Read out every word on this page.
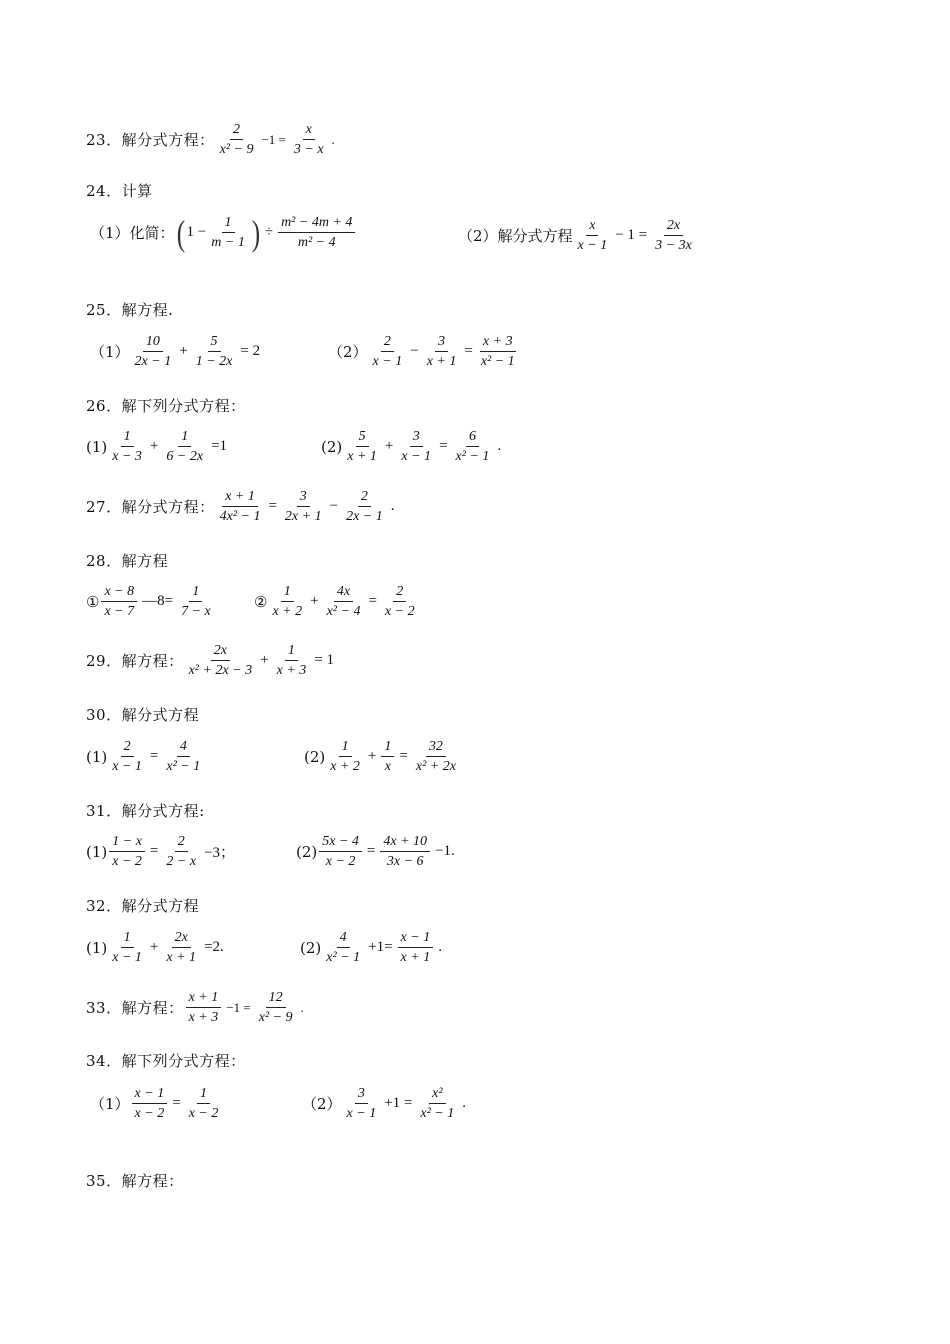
23．解分式方程：
2
x² − 9
$-1 = \frac{x}{3 - x}$ .
24．计算
（1）化简： ( $1 - \frac{1}{m - 1}$ ) ÷ $\frac{\text{m² − 4m + 4}}{\text{m² − 4}}$	（2）解分式方程
x
x − 1
− $1 = \frac{2x}{3 - 3x}$
25．解方程.
（1）
10
2x − 1
+ $\frac{5}{1 - 2x} = 2$	（2）
2
x − 1
− $\frac{3}{x + 1} = \frac{x + 3}{\text{x² − 1}}$
26．解下列分式方程：
(1)
1
x − 3
+ $\frac{1}{6 - 2x} =1$	(2)
5
x + 1
+ $\frac{3}{x - 1} = \frac{6}{\text{x² − 1}}$ .
27．解分式方程： $\frac{x + 1}{\text{4x² − 1}} = \frac{3}{2x + 1} - \frac{2}{2x - 1}$ .
28．解方程
①
x − 8
x − 7
—8= $\frac{1}{7 - x}$	②
1
x + 2
+ $\frac{4x}{\text{x² − 4}} = \frac{2}{x - 2}$
29．解方程：
2x
x² + 2x − 3
+ $\frac{1}{x + 3} = 1$
30．解分式方程
$(1) \frac{2}{x - 1} = \frac{4}{\text{x² − 1}}$	(2)
1
x + 2
+ $\frac{1}{x} = \frac{32}{\text{x² + 2x}}$
31．解分式方程:
$(1) \frac{1 - x}{x - 2} = \frac{2}{2 - x} -3$；	$(2) \frac{5x - 4}{x - 2} = \frac{4x + 10}{3x - 6} -1$.
32．解分式方程
(1)
1
x − 1
+ $\frac{2x}{x + 1} =2$.	(2)
4
x² − 1
$+1= \frac{x - 1}{x + 1}$ .
33．解方程：
x + 1
x + 3
$-1 = \frac{12}{\text{x² − 9}}$ .
34．解下列分式方程：
$(1) \frac{x - 1}{x - 2} = \frac{1}{x - 2}$	（2）
3
x − 1
$+1 = \frac{\text{x²}}{\text{x² − 1}}$ .
35．解方程：
